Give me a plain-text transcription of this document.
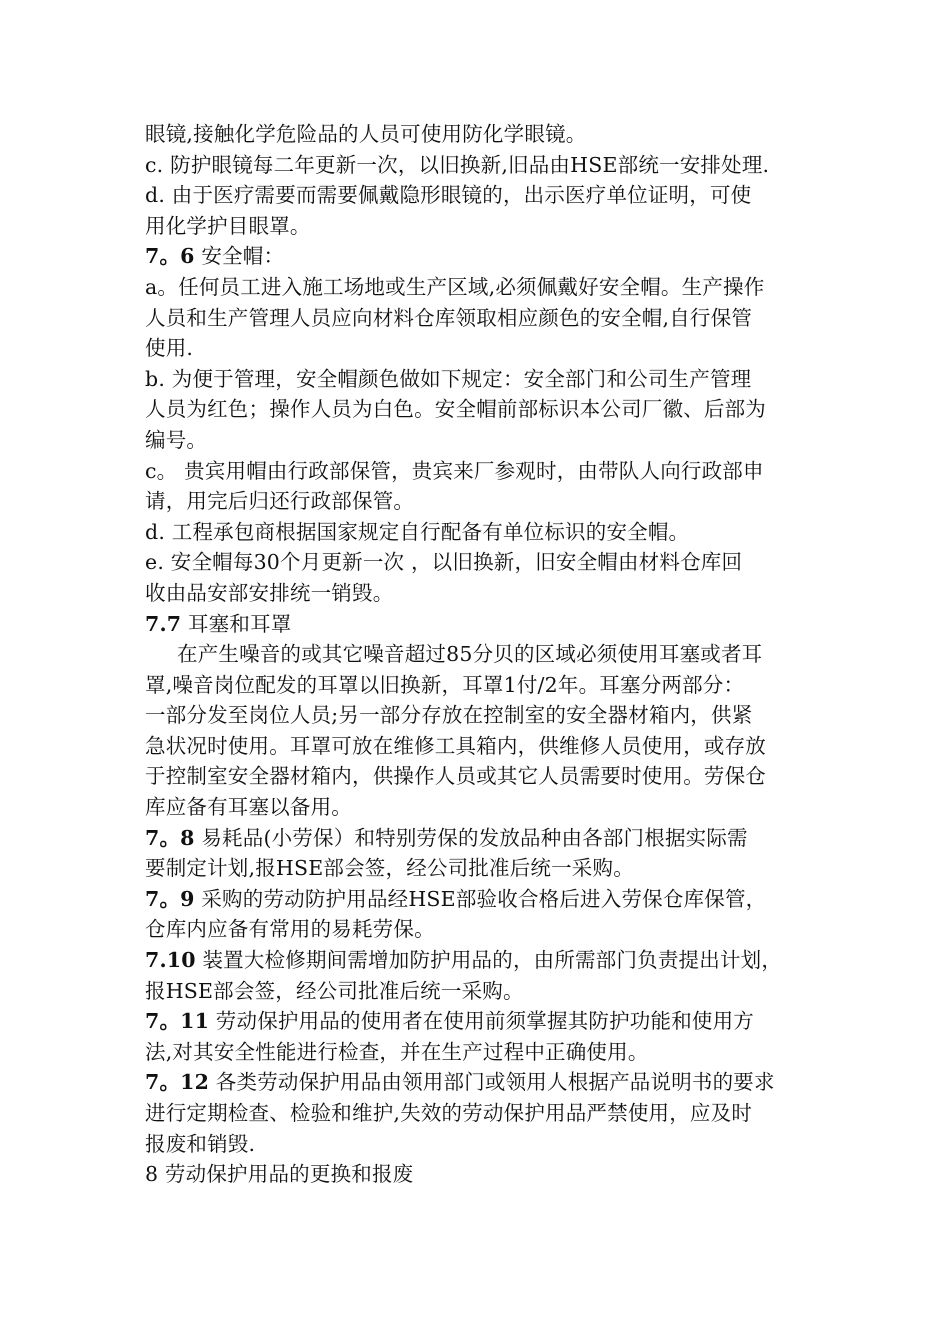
眼镜,接触化学危险品的人员可使用防化学眼镜。
c. 防护眼镜每二年更新一次，以旧换新,旧品由HSE部统一安排处理.
d. 由于医疗需要而需要佩戴隐形眼镜的，出示医疗单位证明，可使
用化学护目眼罩。
7。6 安全帽：
a。任何员工进入施工场地或生产区域,必须佩戴好安全帽。生产操作
人员和生产管理人员应向材料仓库领取相应颜色的安全帽,自行保管
使用.
b. 为便于管理，安全帽颜色做如下规定：安全部门和公司生产管理
人员为红色；操作人员为白色。安全帽前部标识本公司厂徽、后部为
编号。
c。 贵宾用帽由行政部保管，贵宾来厂参观时，由带队人向行政部申
请，用完后归还行政部保管。
d. 工程承包商根据国家规定自行配备有单位标识的安全帽。
e. 安全帽每30个月更新一次 ，以旧换新，旧安全帽由材料仓库回
收由品安部安排统一销毁。
7.7 耳塞和耳罩
在产生噪音的或其它噪音超过85分贝的区域必须使用耳塞或者耳
罩,噪音岗位配发的耳罩以旧换新，耳罩1付/2年。耳塞分两部分：
一部分发至岗位人员;另一部分存放在控制室的安全器材箱内，供紧
急状况时使用。耳罩可放在维修工具箱内，供维修人员使用，或存放
于控制室安全器材箱内，供操作人员或其它人员需要时使用。劳保仓
库应备有耳塞以备用。
7。8 易耗品(小劳保）和特别劳保的发放品种由各部门根据实际需
要制定计划,报HSE部会签，经公司批准后统一采购。
7。9 采购的劳动防护用品经HSE部验收合格后进入劳保仓库保管，
仓库内应备有常用的易耗劳保。
7.10 装置大检修期间需增加防护用品的，由所需部门负责提出计划，
报HSE部会签，经公司批准后统一采购。
7。11 劳动保护用品的使用者在使用前须掌握其防护功能和使用方
法,对其安全性能进行检查，并在生产过程中正确使用。
7。12 各类劳动保护用品由领用部门或领用人根据产品说明书的要求
进行定期检查、检验和维护,失效的劳动保护用品严禁使用，应及时
报废和销毁.
8 劳动保护用品的更换和报废
